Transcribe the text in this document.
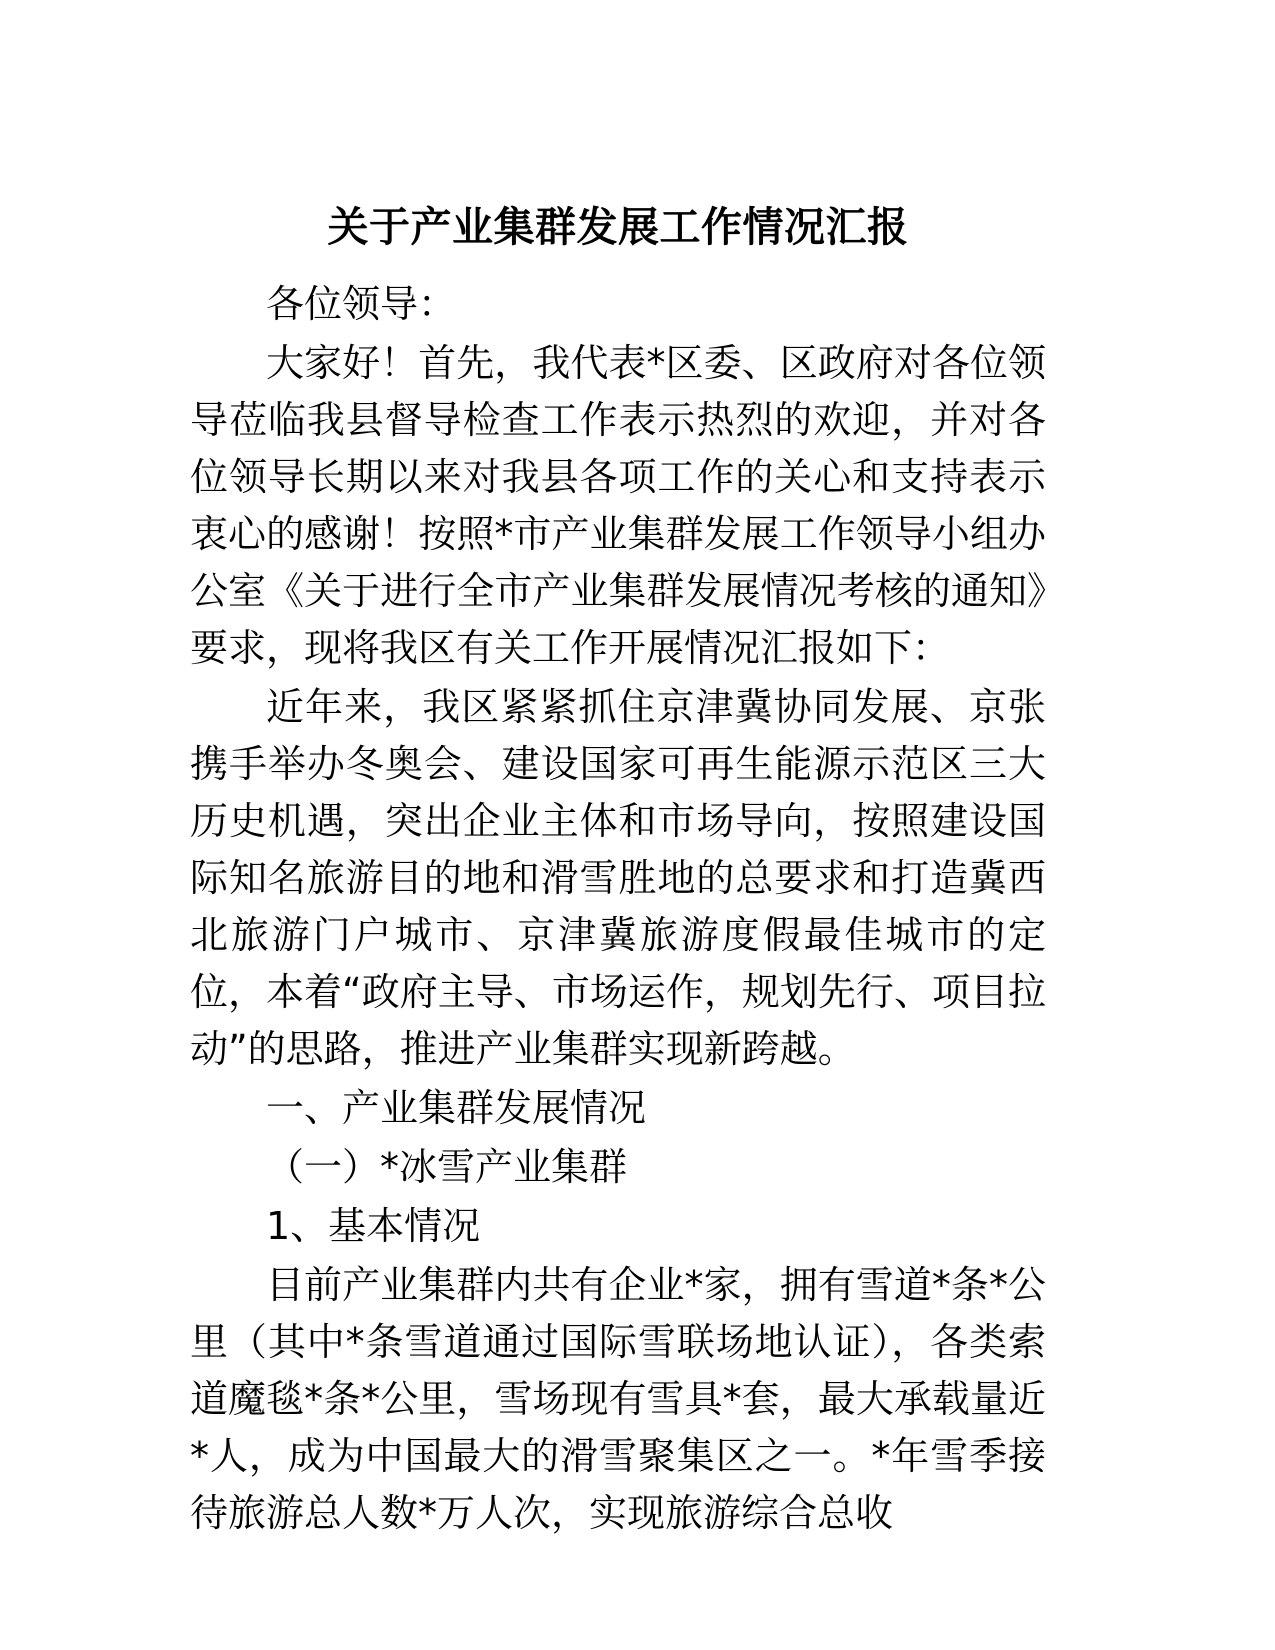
关于产业集群发展工作情况汇报

各位领导：

大家好！首先，我代表*区委、区政府对各位领导莅临我县督导检查工作表示热烈的欢迎，并对各位领导长期以来对我县各项工作的关心和支持表示衷心的感谢！按照*市产业集群发展工作领导小组办公室《关于进行全市产业集群发展情况考核的通知》要求，现将我区有关工作开展情况汇报如下：

近年来，我区紧紧抓住京津冀协同发展、京张携手举办冬奥会、建设国家可再生能源示范区三大历史机遇，突出企业主体和市场导向，按照建设国际知名旅游目的地和滑雪胜地的总要求和打造冀西北旅游门户城市、京津冀旅游度假最佳城市的定位，本着“政府主导、市场运作，规划先行、项目拉动”的思路，推进产业集群实现新跨越。

一、产业集群发展情况

（一）*冰雪产业集群

1、基本情况

目前产业集群内共有企业*家，拥有雪道*条*公里（其中*条雪道通过国际雪联场地认证），各类索道魔毯*条*公里，雪场现有雪具*套，最大承载量近*人，成为中国最大的滑雪聚集区之一。*年雪季接待旅游总人数*万人次，实现旅游综合总收
